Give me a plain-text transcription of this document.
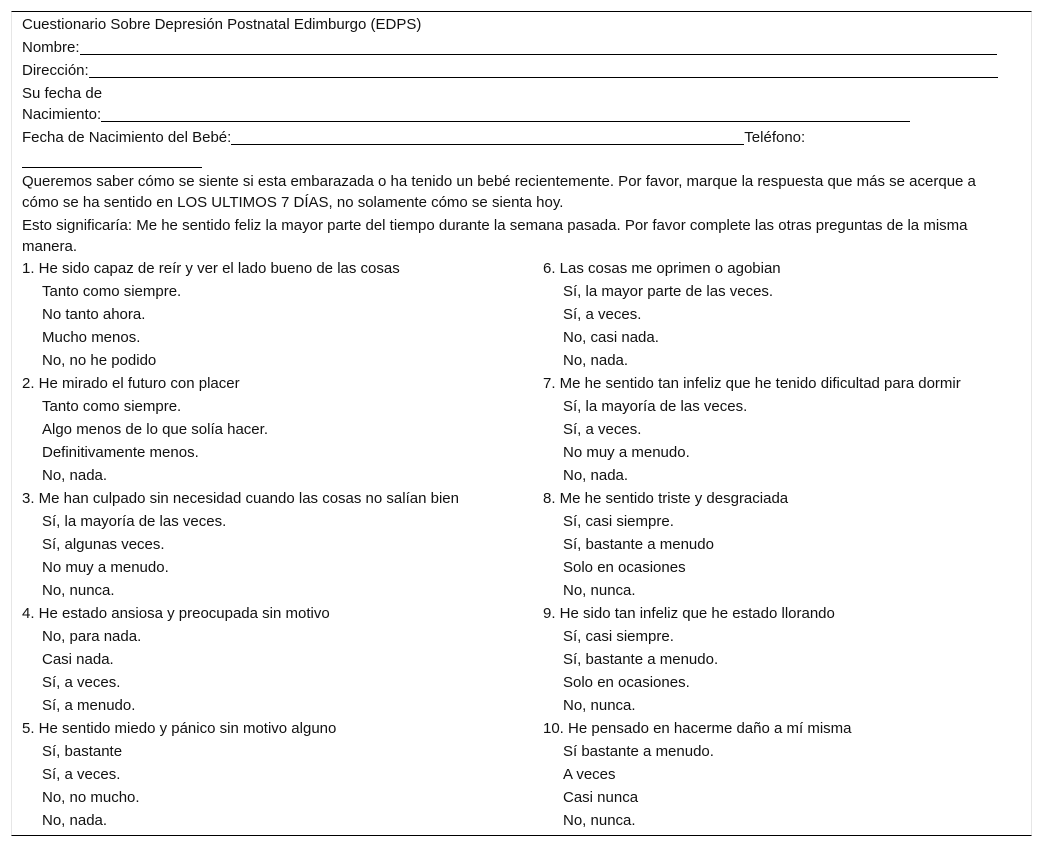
Cuestionario Sobre Depresión Postnatal Edimburgo (EDPS)
Nombre:
Dirección:
Su fecha de
Nacimiento:
Fecha de Nacimiento del Bebé:	Teléfono:
Queremos saber cómo se siente si esta embarazada o ha tenido un bebé recientemente. Por favor, marque la respuesta que más se acerque a cómo se ha sentido en LOS ULTIMOS 7 DÍAS, no solamente cómo se sienta hoy.
Esto significaría: Me he sentido feliz la mayor parte del tiempo durante la semana pasada. Por favor complete las otras preguntas de la misma manera.
1. He sido capaz de reír y ver el lado bueno de las cosas
Tanto como siempre.
No tanto ahora.
Mucho menos.
No, no he podido
2. He mirado el futuro con placer
Tanto como siempre.
Algo menos de lo que solía hacer.
Definitivamente menos.
No, nada.
3. Me han culpado sin necesidad cuando las cosas no salían bien
Sí, la mayoría de las veces.
Sí, algunas veces.
No muy a menudo.
No, nunca.
4. He estado ansiosa y preocupada sin motivo
No, para nada.
Casi nada.
Sí, a veces.
Sí, a menudo.
5. He sentido miedo y pánico sin motivo alguno
Sí, bastante
Sí, a veces.
No, no mucho.
No, nada.
6. Las cosas me oprimen o agobian
Sí, la mayor parte de las veces.
Sí, a veces.
No, casi nada.
No, nada.
7. Me he sentido tan infeliz que he tenido dificultad para dormir
Sí, la mayoría de las veces.
Sí, a veces.
No muy a menudo.
No, nada.
8. Me he sentido triste y desgraciada
Sí, casi siempre.
Sí, bastante a menudo
Solo en ocasiones
No, nunca.
9. He sido tan infeliz que he estado llorando
Sí, casi siempre.
Sí, bastante a menudo.
Solo en ocasiones.
No, nunca.
10. He pensado en hacerme daño a mí misma
Sí bastante a menudo.
A veces
Casi nunca
No, nunca.
